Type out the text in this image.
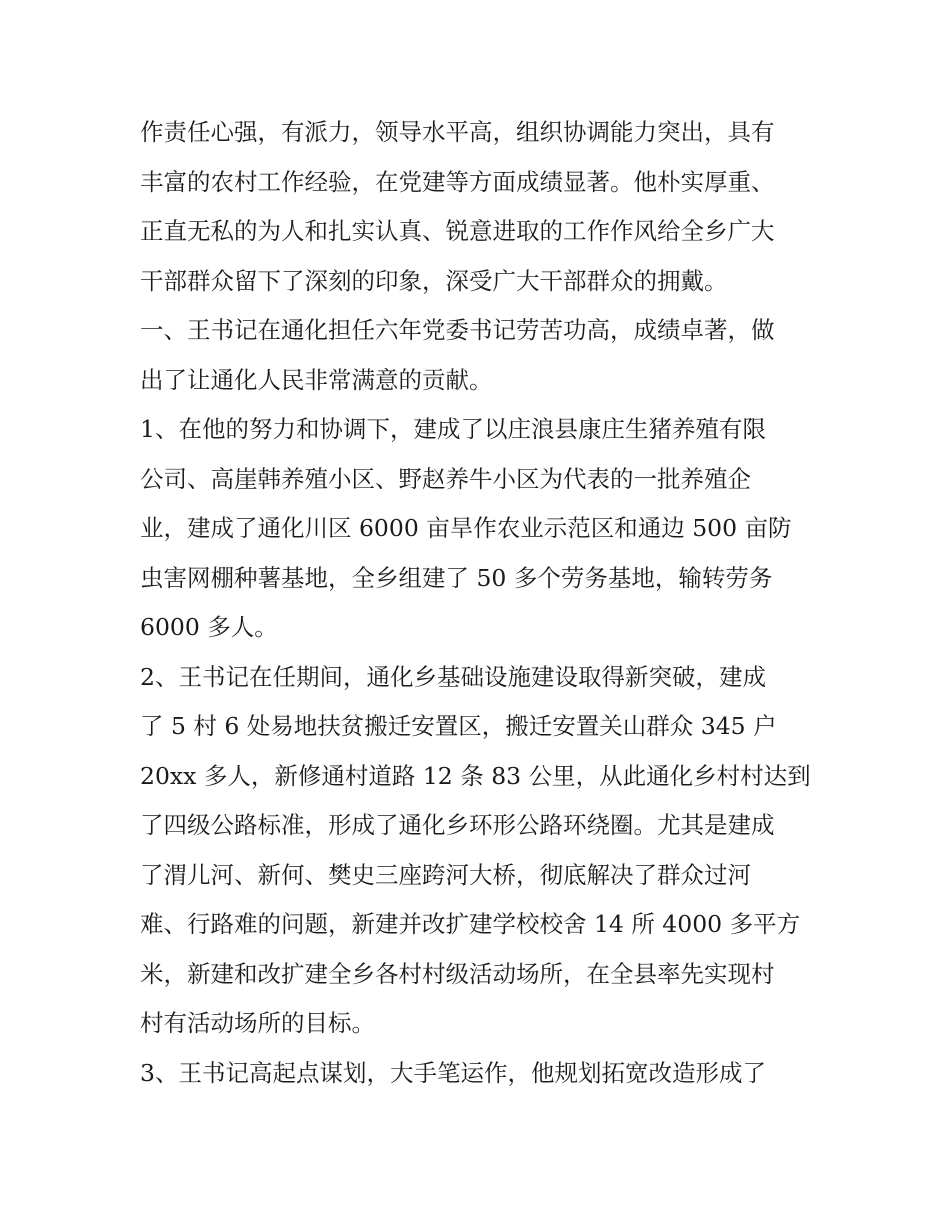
作责任心强，有派力，领导水平高，组织协调能力突出，具有
丰富的农村工作经验，在党建等方面成绩显著。他朴实厚重、
正直无私的为人和扎实认真、锐意进取的工作作风给全乡广大
干部群众留下了深刻的印象，深受广大干部群众的拥戴。
一、王书记在通化担任六年党委书记劳苦功高，成绩卓著，做
出了让通化人民非常满意的贡献。
1、在他的努力和协调下，建成了以庄浪县康庄生猪养殖有限
公司、高崖韩养殖小区、野赵养牛小区为代表的一批养殖企
业，建成了通化川区 6000 亩旱作农业示范区和通边 500 亩防
虫害网棚种薯基地，全乡组建了 50 多个劳务基地，输转劳务
6000 多人。
2、王书记在任期间，通化乡基础设施建设取得新突破，建成
了 5 村 6 处易地扶贫搬迁安置区，搬迁安置关山群众 345 户
20xx 多人，新修通村道路 12 条 83 公里，从此通化乡村村达到
了四级公路标准，形成了通化乡环形公路环绕圈。尤其是建成
了渭儿河、新何、樊史三座跨河大桥，彻底解决了群众过河
难、行路难的问题，新建并改扩建学校校舍 14 所 4000 多平方
米，新建和改扩建全乡各村村级活动场所，在全县率先实现村
村有活动场所的目标。
3、王书记高起点谋划，大手笔运作，他规划拓宽改造形成了
